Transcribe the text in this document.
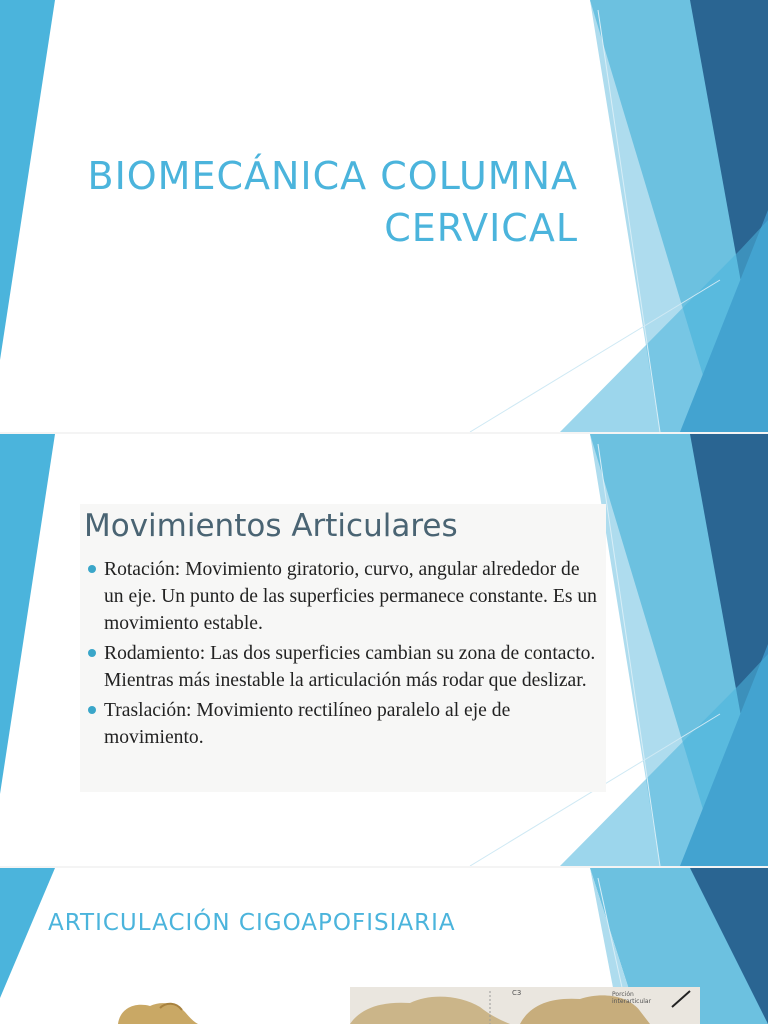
BIOMECÁNICA COLUMNA
CERVICAL
Movimientos Articulares
Rotación: Movimiento giratorio, curvo, angular alrededor de un eje. Un punto de las superficies permanece constante. Es un movimiento estable.
Rodamiento: Las dos superficies cambian su zona de contacto. Mientras más inestable la articulación más rodar que deslizar.
Traslación: Movimiento rectilíneo paralelo al eje de movimiento.
ARTICULACIÓN CIGOAPOFISIARIA
C3	Porción interarticular
